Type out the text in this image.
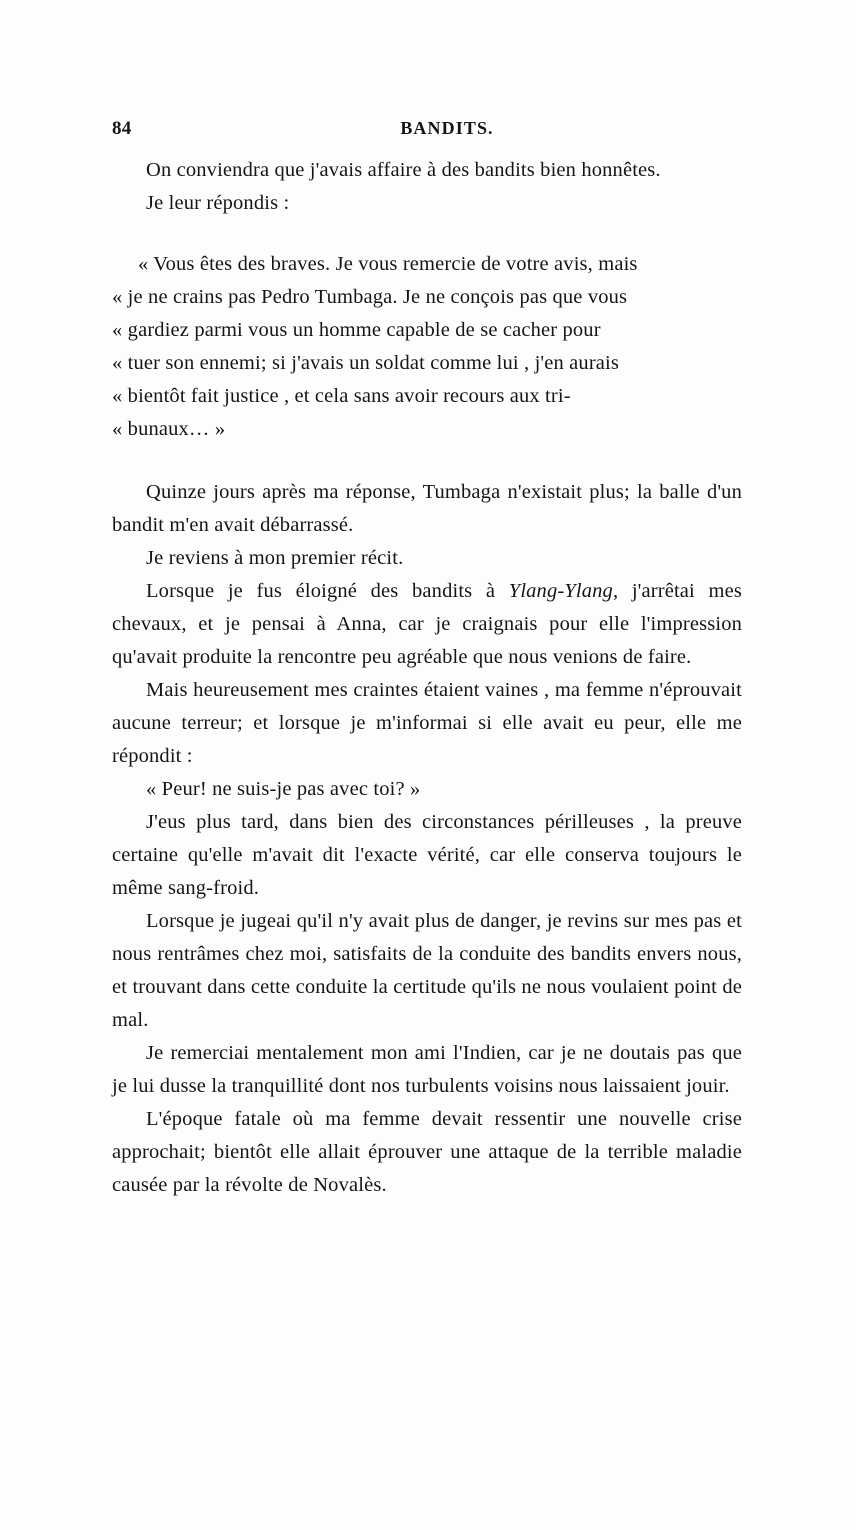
84	BANDITS.

On conviendra que j'avais affaire à des bandits bien honnêtes.

Je leur répondis :

« Vous êtes des braves. Je vous remercie de votre avis, mais

« je ne crains pas Pedro Tumbaga. Je ne conçois pas que vous

« gardiez parmi vous un homme capable de se cacher pour

« tuer son ennemi; si j'avais un soldat comme lui , j'en aurais

« bientôt fait justice , et cela sans avoir recours aux tri-

« bunaux… »

Quinze jours après ma réponse, Tumbaga n'existait plus; la balle d'un bandit m'en avait débarrassé.

Je reviens à mon premier récit.

Lorsque je fus éloigné des bandits à Ylang-Ylang, j'arrêtai mes chevaux, et je pensai à Anna, car je craignais pour elle l'impression qu'avait produite la rencontre peu agréable que nous venions de faire.

Mais heureusement mes craintes étaient vaines , ma femme n'éprouvait aucune terreur; et lorsque je m'informai si elle avait eu peur, elle me répondit :

« Peur! ne suis-je pas avec toi? »

J'eus plus tard, dans bien des circonstances périlleuses , la preuve certaine qu'elle m'avait dit l'exacte vérité, car elle conserva toujours le même sang-froid.

Lorsque je jugeai qu'il n'y avait plus de danger, je revins sur mes pas et nous rentrâmes chez moi, satisfaits de la conduite des bandits envers nous, et trouvant dans cette conduite la certitude qu'ils ne nous voulaient point de mal.

Je remerciai mentalement mon ami l'Indien, car je ne doutais pas que je lui dusse la tranquillité dont nos turbulents voisins nous laissaient jouir.

L'époque fatale où ma femme devait ressentir une nouvelle crise approchait; bientôt elle allait éprouver une attaque de la terrible maladie causée par la révolte de Novalès.
